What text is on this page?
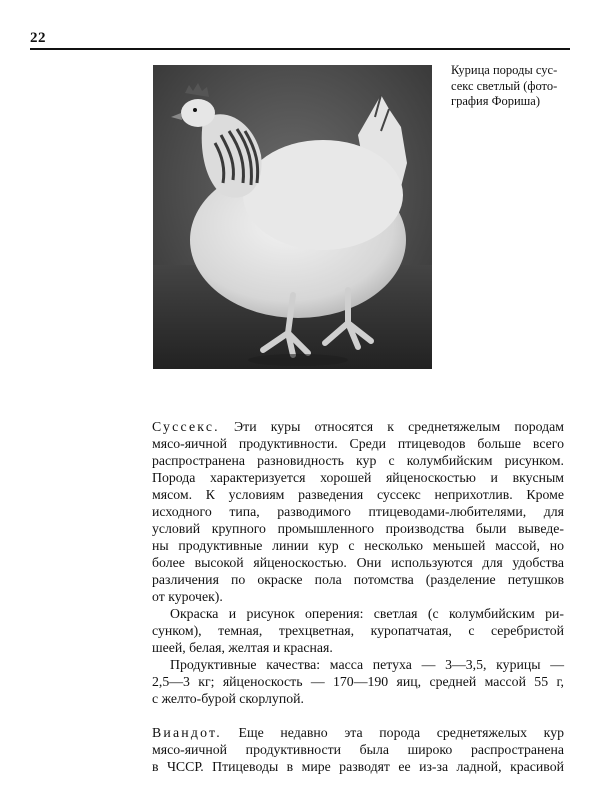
22
Курица породы сус-
секс светлый (фото-
графия Фориша)
Суссекс. Эти куры относятся к среднетяжелым породам
мясо-яичной продуктивности. Среди птицеводов больше всего
распространена разновидность кур с колумбийским рисунком.
Порода характеризуется хорошей яйценоскостью и вкусным
мясом. К условиям разведения суссекс неприхотлив. Кроме
исходного типа, разводимого птицеводами-любителями, для
условий крупного промышленного производства были выведе-
ны продуктивные линии кур с несколько меньшей массой, но
более высокой яйценоскостью. Они используются для удобства
различения по окраске пола потомства (разделение петушков
от курочек).
Окраска и рисунок оперения: светлая (с колумбийским ри-
сунком), темная, трехцветная, куропатчатая, с серебристой
шеей, белая, желтая и красная.
Продуктивные качества: масса петуха — 3—3,5, курицы —
2,5—3 кг; яйценоскость — 170—190 яиц, средней массой 55 г,
с желто-бурой скорлупой.
Виандот. Еще недавно эта порода среднетяжелых кур
мясо-яичной продуктивности была широко распространена
в ЧССР. Птицеводы в мире разводят ее из-за ладной, красивой
